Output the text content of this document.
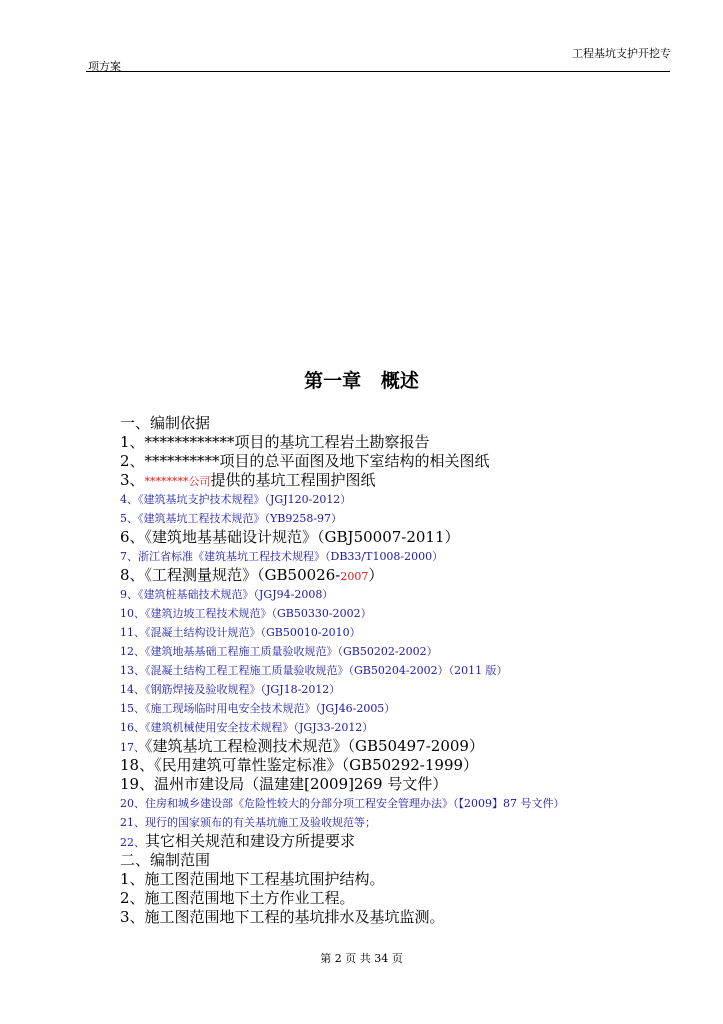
工程基坑支护开挖专
项方案
第一章   概述
一、编制依据
1、************项目的基坑工程岩土勘察报告
2、**********项目的总平面图及地下室结构的相关图纸
3、********公司提供的基坑工程围护图纸
4、《建筑基坑支护技术规程》（JGJ120-2012）
5、《建筑基坑工程技术规范》（YB9258-97）
6、《建筑地基基础设计规范》（GBJ50007-2011）
7、浙江省标准《建筑基坑工程技术规程》（DB33/T1008-2000）
8、《工程测量规范》（GB50026-2007）
9、《建筑桩基础技术规范》（JGJ94-2008）
10、《建筑边坡工程技术规范》（GB50330-2002）
11、《混凝土结构设计规范》（GB50010-2010）
12、《建筑地基基础工程施工质量验收规范》（GB50202-2002）
13、《混凝土结构工程工程施工质量验收规范》（GB50204-2002）（2011 版）
14、《钢筋焊接及验收规程》（JGJ18-2012）
15、《施工现场临时用电安全技术规范》（JGJ46-2005）
16、《建筑机械使用安全技术规程》（JGJ33-2012）
17、《建筑基坑工程检测技术规范》（GB50497-2009）
18、《民用建筑可靠性鉴定标准》（GB50292-1999）
19、温州市建设局（温建建[2009]269 号文件）
20、住房和城乡建设部《危险性较大的分部分项工程安全管理办法》（【2009】87 号文件）
21、现行的国家颁布的有关基坑施工及验收规范等；
22、其它相关规范和建设方所提要求
二、编制范围
1、施工图范围地下工程基坑围护结构。
2、施工图范围地下土方作业工程。
3、施工图范围地下工程的基坑排水及基坑监测。
第 2 页 共 34 页
